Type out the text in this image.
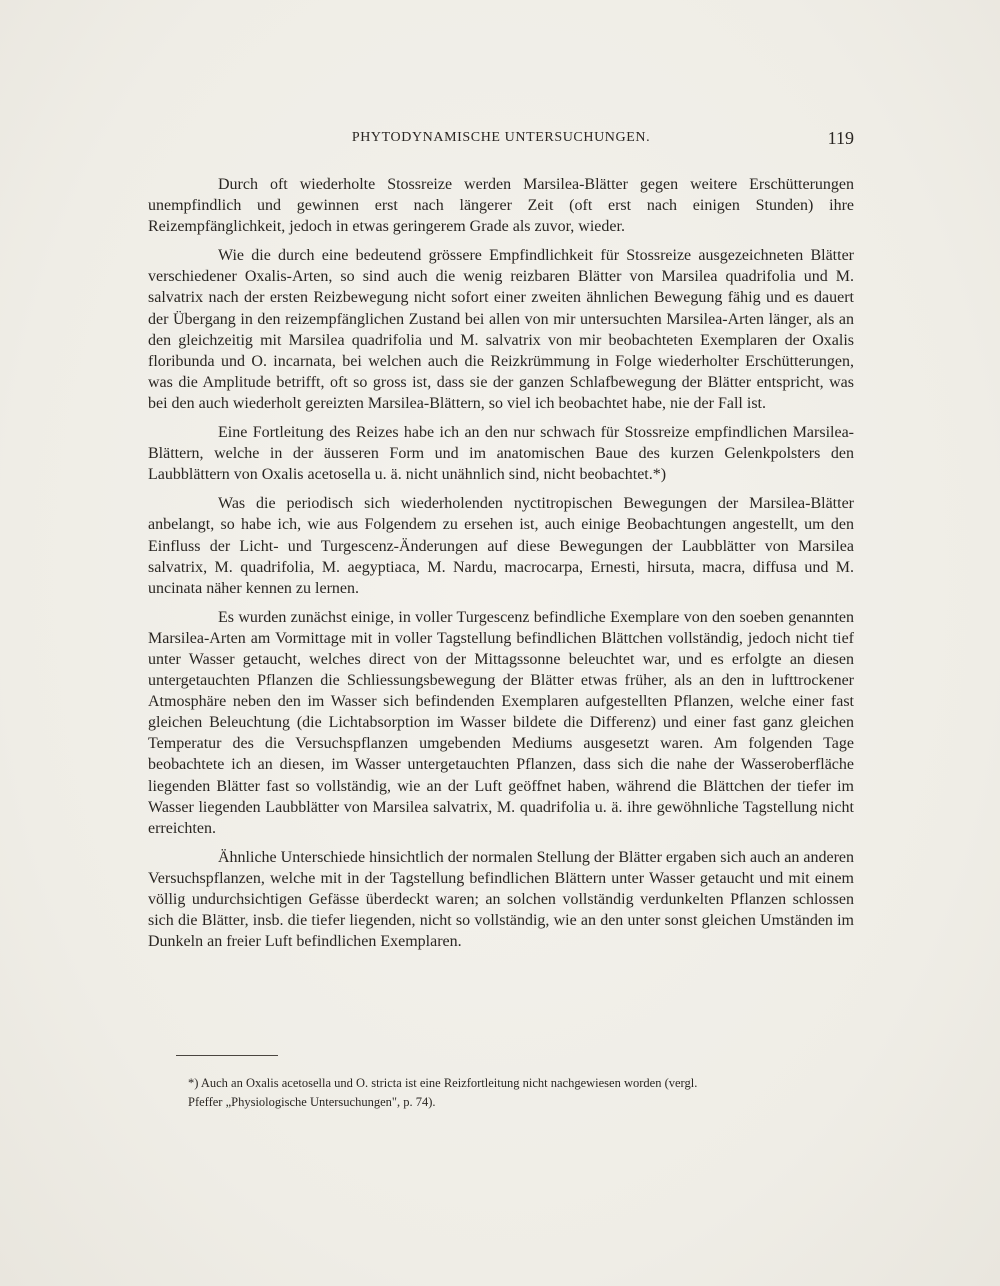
PHYTODYNAMISCHE UNTERSUCHUNGEN.	119

Durch oft wiederholte Stossreize werden Marsilea-Blätter gegen weitere Erschütterungen unempfindlich und gewinnen erst nach längerer Zeit (oft erst nach einigen Stunden) ihre Reizempfänglichkeit, jedoch in etwas geringerem Grade als zuvor, wieder.

Wie die durch eine bedeutend grössere Empfindlichkeit für Stossreize ausgezeichneten Blätter verschiedener Oxalis-Arten, so sind auch die wenig reizbaren Blätter von Marsilea quadrifolia und M. salvatrix nach der ersten Reizbewegung nicht sofort einer zweiten ähnlichen Bewegung fähig und es dauert der Übergang in den reizempfänglichen Zustand bei allen von mir untersuchten Marsilea-Arten länger, als an den gleichzeitig mit Marsilea quadrifolia und M. salvatrix von mir beobachteten Exemplaren der Oxalis floribunda und O. incarnata, bei welchen auch die Reizkrümmung in Folge wiederholter Erschütterungen, was die Amplitude betrifft, oft so gross ist, dass sie der ganzen Schlafbewegung der Blätter entspricht, was bei den auch wiederholt gereizten Marsilea-Blättern, so viel ich beobachtet habe, nie der Fall ist.

Eine Fortleitung des Reizes habe ich an den nur schwach für Stossreize empfindlichen Marsilea-Blättern, welche in der äusseren Form und im anatomischen Baue des kurzen Gelenkpolsters den Laubblättern von Oxalis acetosella u. ä. nicht unähnlich sind, nicht beobachtet.*)

Was die periodisch sich wiederholenden nyctitropischen Bewegungen der Marsilea-Blätter anbelangt, so habe ich, wie aus Folgendem zu ersehen ist, auch einige Beobachtungen angestellt, um den Einfluss der Licht- und Turgescenz-Änderungen auf diese Bewegungen der Laubblätter von Marsilea salvatrix, M. quadrifolia, M. aegyptiaca, M. Nardu, macrocarpa, Ernesti, hirsuta, macra, diffusa und M. uncinata näher kennen zu lernen.

Es wurden zunächst einige, in voller Turgescenz befindliche Exemplare von den soeben genannten Marsilea-Arten am Vormittage mit in voller Tagstellung befindlichen Blättchen vollständig, jedoch nicht tief unter Wasser getaucht, welches direct von der Mittagssonne beleuchtet war, und es erfolgte an diesen untergetauchten Pflanzen die Schliessungsbewegung der Blätter etwas früher, als an den in lufttrockener Atmosphäre neben den im Wasser sich befindenden Exemplaren aufgestellten Pflanzen, welche einer fast gleichen Beleuchtung (die Lichtabsorption im Wasser bildete die Differenz) und einer fast ganz gleichen Temperatur des die Versuchspflanzen umgebenden Mediums ausgesetzt waren. Am folgenden Tage beobachtete ich an diesen, im Wasser untergetauchten Pflanzen, dass sich die nahe der Wasseroberfläche liegenden Blätter fast so vollständig, wie an der Luft geöffnet haben, während die Blättchen der tiefer im Wasser liegenden Laubblätter von Marsilea salvatrix, M. quadrifolia u. ä. ihre gewöhnliche Tagstellung nicht erreichten.

Ähnliche Unterschiede hinsichtlich der normalen Stellung der Blätter ergaben sich auch an anderen Versuchspflanzen, welche mit in der Tagstellung befindlichen Blättern unter Wasser getaucht und mit einem völlig undurchsichtigen Gefässe überdeckt waren; an solchen vollständig verdunkelten Pflanzen schlossen sich die Blätter, insb. die tiefer liegenden, nicht so vollständig, wie an den unter sonst gleichen Umständen im Dunkeln an freier Luft befindlichen Exemplaren.

*) Auch an Oxalis acetosella und O. stricta ist eine Reizfortleitung nicht nachgewiesen worden (vergl.
Pfeffer „Physiologische Untersuchungen", p. 74).
